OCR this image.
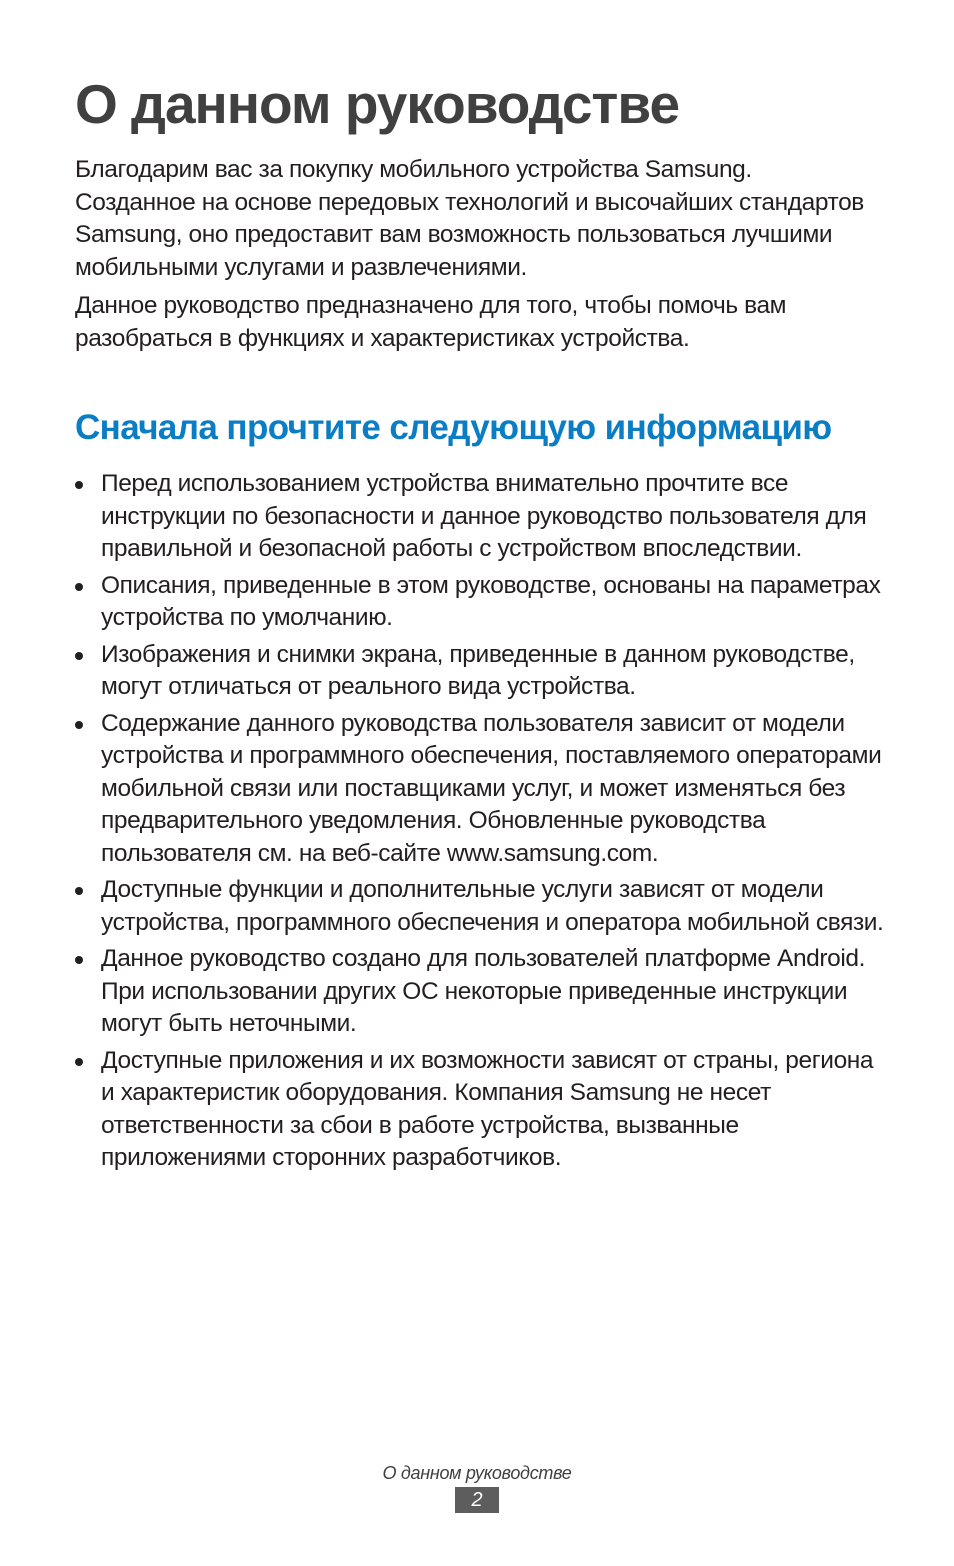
О данном руководстве

Благодарим вас за покупку мобильного устройства Samsung. Созданное на основе передовых технологий и высочайших стандартов Samsung, оно предоставит вам возможность пользоваться лучшими мобильными услугами и развлечениями.

Данное руководство предназначено для того, чтобы помочь вам разобраться в функциях и характеристиках устройства.

Сначала прочтите следующую информацию
Перед использованием устройства внимательно прочтите все инструкции по безопасности и данное руководство пользователя для правильной и безопасной работы с устройством впоследствии.
Описания, приведенные в этом руководстве, основаны на параметрах устройства по умолчанию.
Изображения и снимки экрана, приведенные в данном руководстве, могут отличаться от реального вида устройства.
Содержание данного руководства пользователя зависит от модели устройства и программного обеспечения, поставляемого операторами мобильной связи или поставщиками услуг, и может изменяться без предварительного уведомления. Обновленные руководства пользователя см. на веб-сайте www.samsung.com.
Доступные функции и дополнительные услуги зависят от модели устройства, программного обеспечения и оператора мобильной связи.
Данное руководство создано для пользователей платформе Android. При использовании других ОС некоторые приведенные инструкции могут быть неточными.
Доступные приложения и их возможности зависят от страны, региона и характеристик оборудования. Компания Samsung не несет ответственности за сбои в работе устройства, вызванные приложениями сторонних разработчиков.
О данном руководстве
2
